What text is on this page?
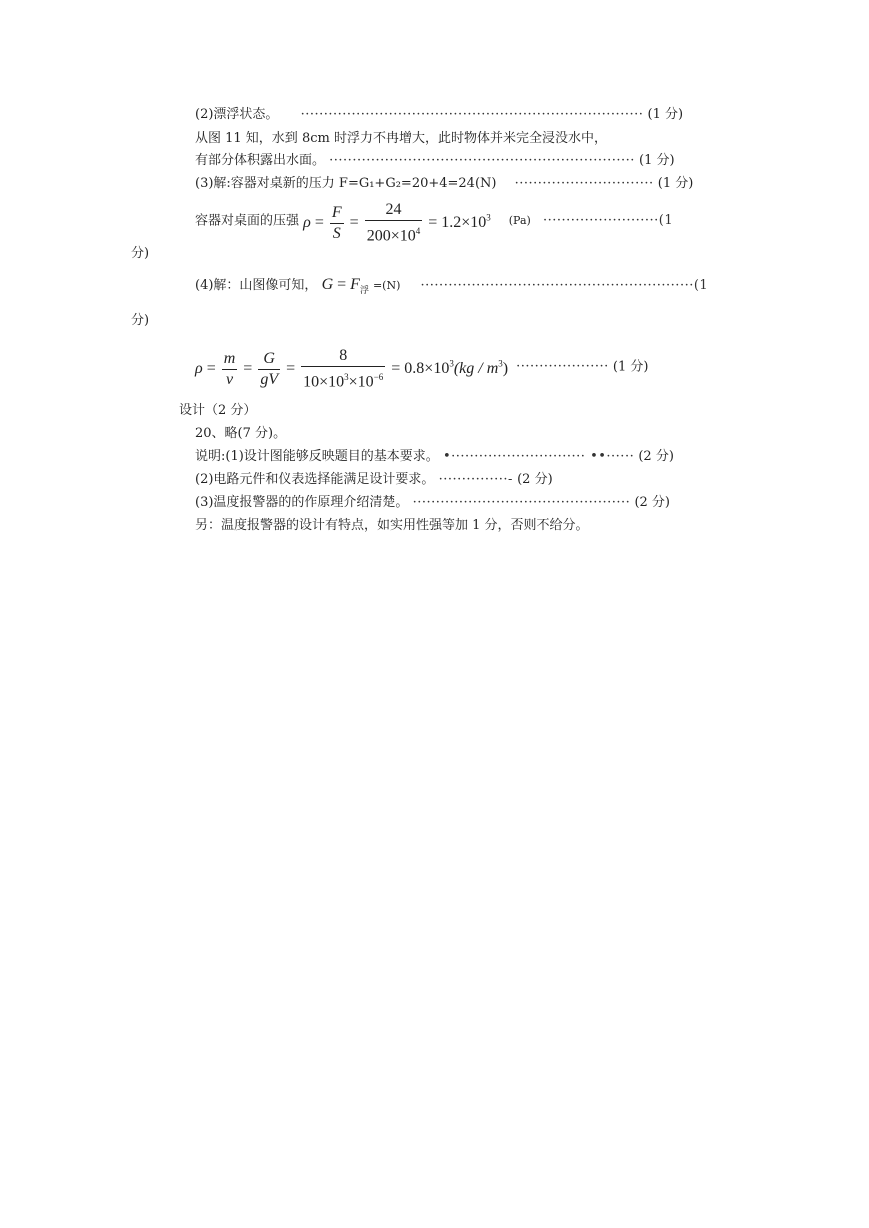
(2)漂浮状态。 ·········································································· (1 分)
从图 11 知，水到 8cm 时浮力不冉增大，此时物体并米完全浸没水中，
有部分体积露出水面。 ·································································· (1 分)
(3)解:容器对桌新的压力 F=G₁+G₂=20+4=24(N) ······························ (1 分)
容器对桌面的压强 $\rho = \frac{F}{S} = \frac{24}{200\times 10^4} = 1.2\times 10^3$ (Pa) ·························(1
分)
(4)解：山图像可知， $G = F_浮 =(N) \cdot\cdot\cdot\cdot\cdot\cdot\cdot\cdot\cdot\cdot\cdot\cdot\cdot\cdot\cdot\cdot\cdot\cdot\cdot\cdot\cdot\cdot\cdot\cdot\cdot\cdot\cdot\cdot\cdot\cdot\cdot\cdot\cdot\cdot\cdot\cdot\cdot\cdot\cdot\cdot\cdot\cdot\cdot\cdot\cdot\cdot\cdot\cdot\cdot\cdot\cdot\cdot\cdot\cdot\cdot\cdot\cdot\cdot\cdot(1$
分)
$\rho = \frac{m}{v} = \frac{G}{gV} = \frac{8}{10\times 10^3\times 10^{-6}} = 0.8\times 10^3(kg / m^3)$ ···················· (1 分)
设计（2 分）
20、略(7 分)。
说明:(1)设计图能够反映题目的基本要求。 •····························· ••······ (2 分)
(2)电路元件和仪表选择能满足设计要求。 ···············- (2 分)
(3)温度报警器的的作原理介绍清楚。 ··············································· (2 分)
另：温度报警器的设计有特点，如实用性强等加 1 分，否则不给分。
